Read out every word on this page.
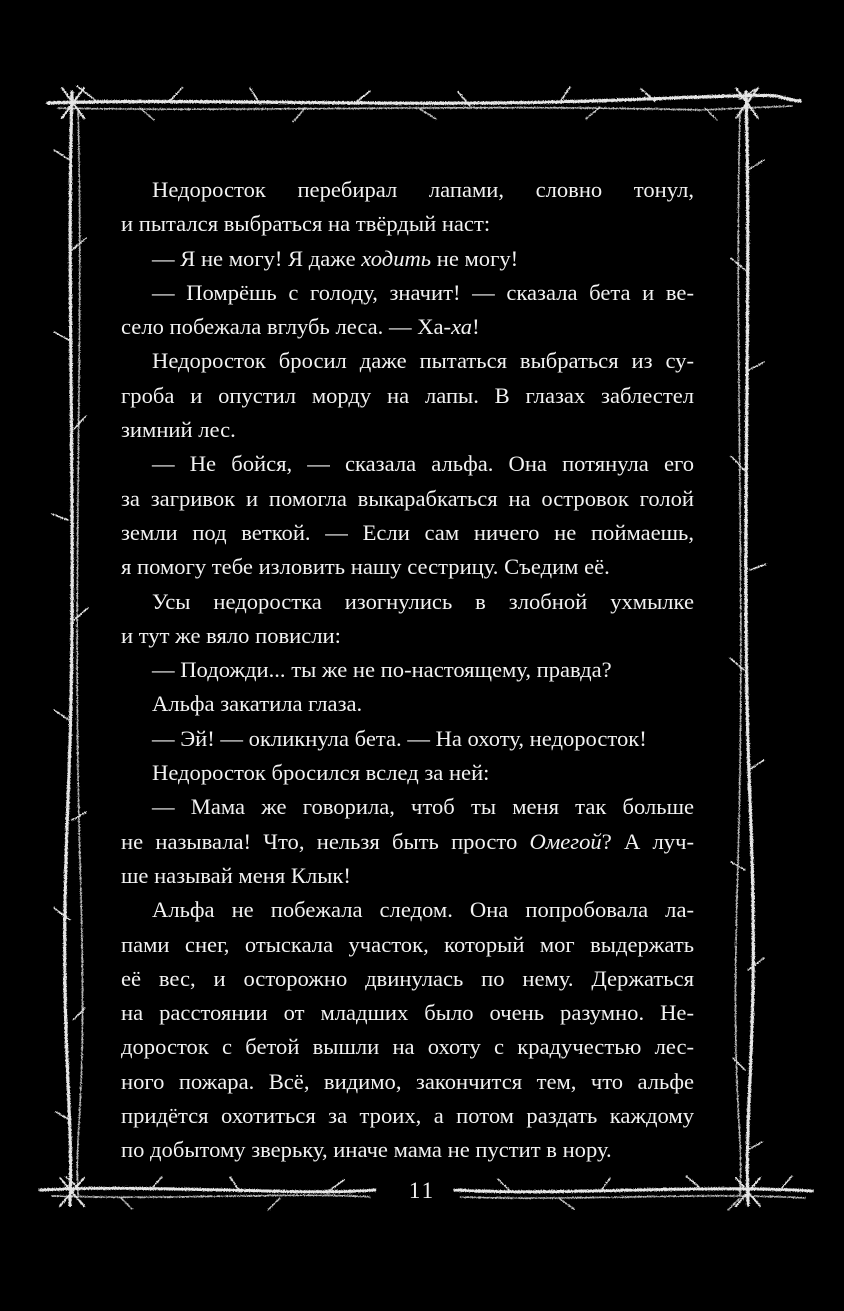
Недоросток перебирал лапами, словно тонул,
и пытался выбраться на твёрдый наст:
— Я не могу! Я даже ходить не могу!
— Помрёшь с голоду, значит! — сказала бета и ве-
село побежала вглубь леса. — Ха-ха!
Недоросток бросил даже пытаться выбраться из су-
гроба и опустил морду на лапы. В глазах заблестел
зимний лес.
— Не бойся, — сказала альфа. Она потянула его
за загривок и помогла выкарабкаться на островок голой
земли под веткой. — Если сам ничего не поймаешь,
я помогу тебе изловить нашу сестрицу. Съедим её.
Усы недоростка изогнулись в злобной ухмылке
и тут же вяло повисли:
— Подожди... ты же не по-настоящему, правда?
Альфа закатила глаза.
— Эй! — окликнула бета. — На охоту, недоросток!
Недоросток бросился вслед за ней:
— Мама же говорила, чтоб ты меня так больше
не называла! Что, нельзя быть просто Омегой? А луч-
ше называй меня Клык!
Альфа не побежала следом. Она попробовала ла-
пами снег, отыскала участок, который мог выдержать
её вес, и осторожно двинулась по нему. Держаться
на расстоянии от младших было очень разумно. Не-
доросток с бетой вышли на охоту с крадучестью лес-
ного пожара. Всё, видимо, закончится тем, что альфе
придётся охотиться за троих, а потом раздать каждому
по добытому зверьку, иначе мама не пустит в нору.
11
